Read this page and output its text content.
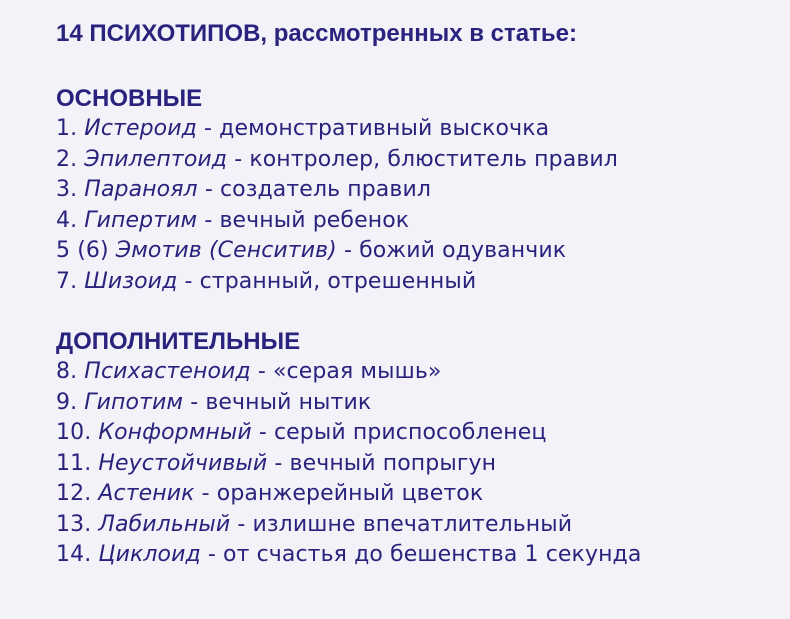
14 ПСИХОТИПОВ, рассмотренных в статье:
ОСНОВНЫЕ
1. Истероид - демонстративный выскочка
2. Эпилептоид - контролер, блюститель правил
3. Параноял - создатель правил
4. Гипертим - вечный ребенок
5 (6) Эмотив (Сенситив) - божий одуванчик
7. Шизоид - странный, отрешенный
ДОПОЛНИТЕЛЬНЫЕ
8. Психастеноид - «серая мышь»
9. Гипотим - вечный нытик
10. Конформный - серый приспособленец
11. Неустойчивый - вечный попрыгун
12. Астеник - оранжерейный цветок
13. Лабильный - излишне впечатлительный
14. Циклоид - от счастья до бешенства 1 секунда
